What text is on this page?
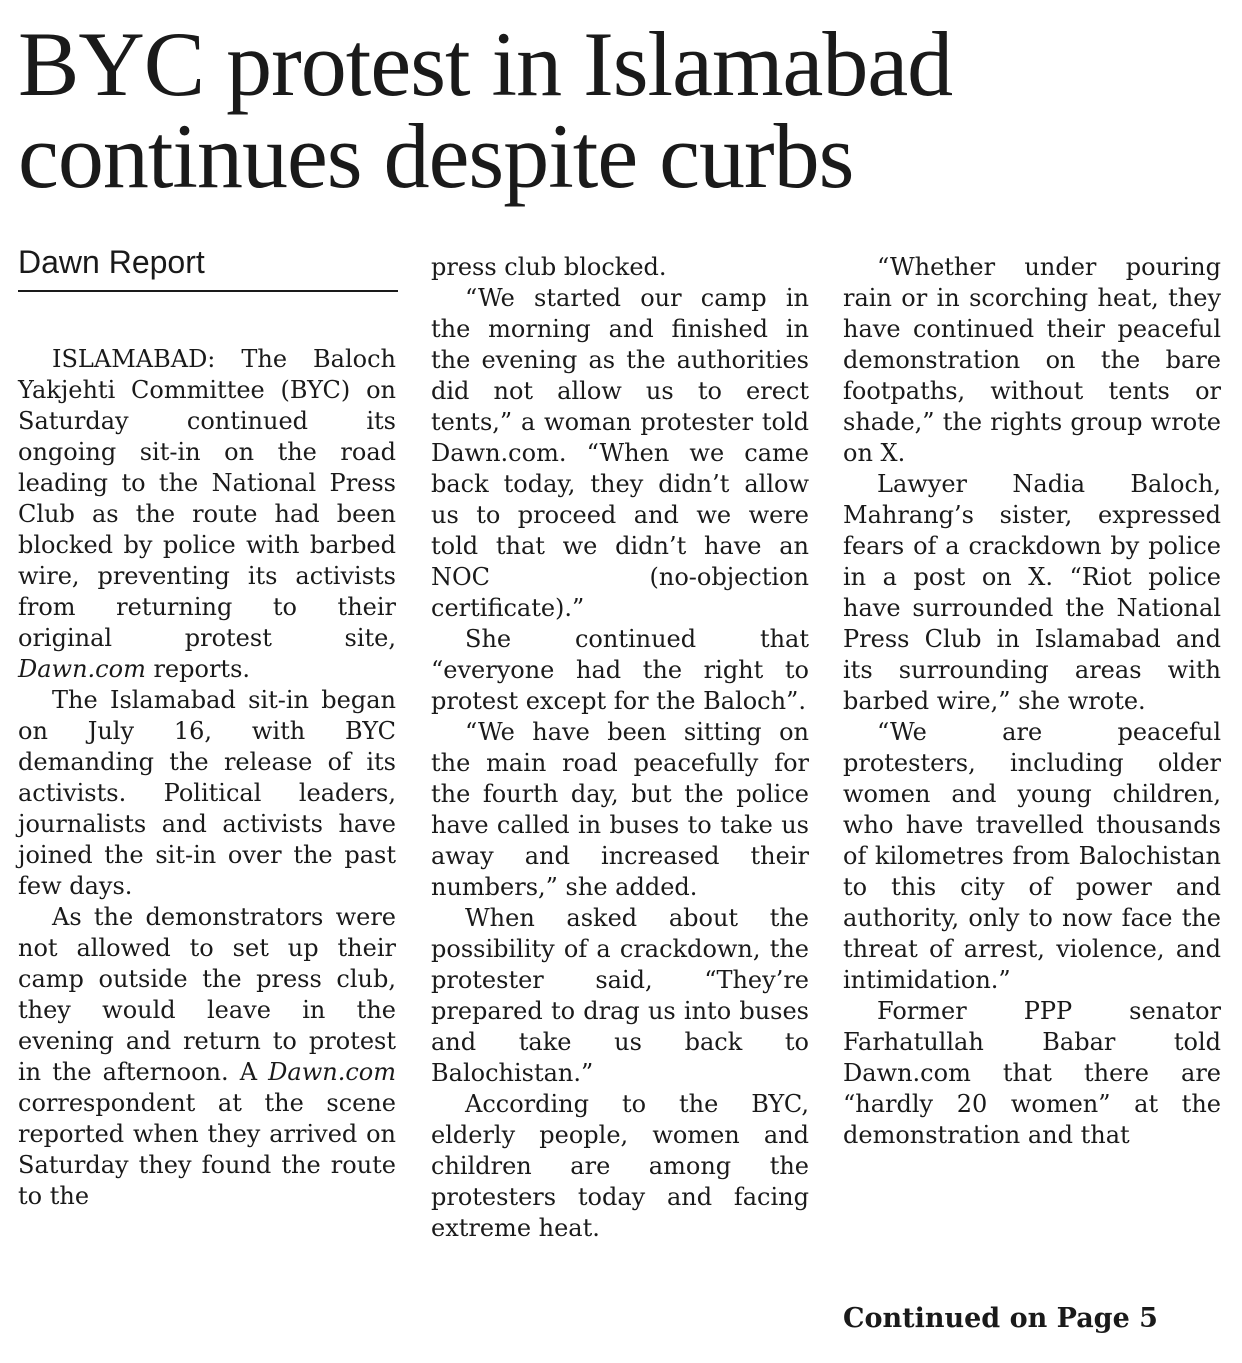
BYC protest in Islamabad
continues despite curbs
Dawn Report

ISLAMABAD: The Baloch Yakjehti Committee (BYC) on Saturday continued its ongoing sit-in on the road leading to the National Press Club as the route had been blocked by police with barbed wire, preventing its activists from returning to their original protest site, Dawn.com reports.

The Islamabad sit-in began on July 16, with BYC demanding the release of its activists. Political leaders, journalists and activists have joined the sit-in over the past few days.

As the demonstrators were not allowed to set up their camp outside the press club, they would leave in the evening and return to protest in the afternoon. A Dawn.com correspondent at the scene reported when they arrived on Saturday they found the route to the

press club blocked.

“We started our camp in the morning and finished in the evening as the authorities did not allow us to erect tents,” a woman protester told Dawn.com. “When we came back today, they didn’t allow us to proceed and we were told that we didn’t have an NOC (no-objection certificate).”

She continued that “everyone had the right to protest except for the Baloch”.

“We have been sitting on the main road peacefully for the fourth day, but the police have called in buses to take us away and increased their numbers,” she added.

When asked about the possibility of a crackdown, the protester said, “They’re prepared to drag us into buses and take us back to Balochistan.”

According to the BYC, elderly people, women and children are among the protesters today and facing extreme heat.

“Whether under pouring rain or in scorching heat, they have continued their peaceful demonstration on the bare footpaths, without tents or shade,” the rights group wrote on X.

Lawyer Nadia Baloch, Mahrang’s sister, expressed fears of a crackdown by police in a post on X. “Riot police have surrounded the National Press Club in Islamabad and its surrounding areas with barbed wire,” she wrote.

“We are peaceful protesters, including older women and young children, who have travelled thousands of kilometres from Balochistan to this city of power and authority, only to now face the threat of arrest, violence, and intimidation.”

Former PPP senator Farhatullah Babar told Dawn.com that there are “hardly 20 women” at the demonstration and that

Continued on Page 5
